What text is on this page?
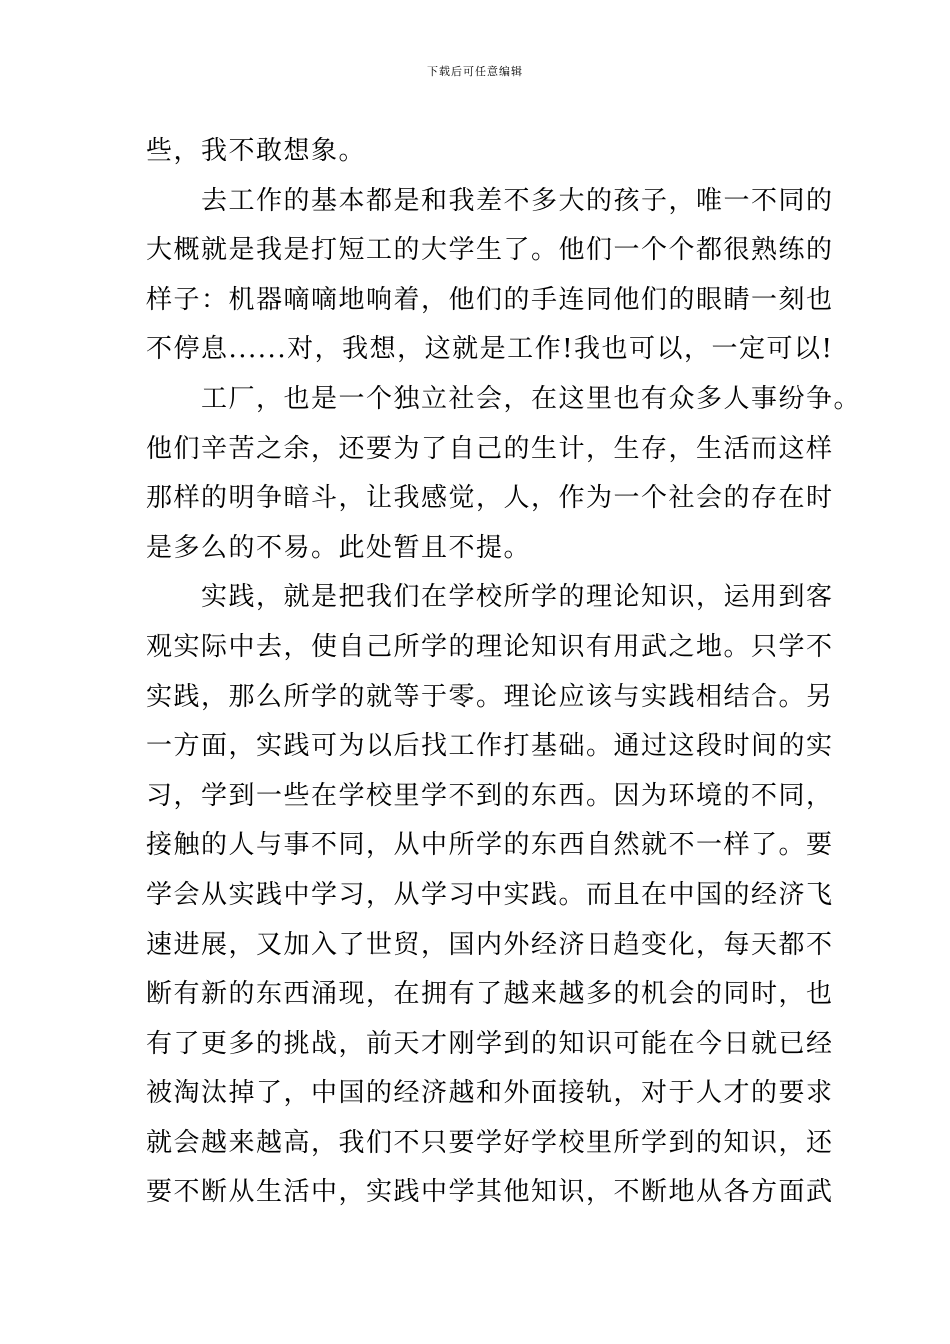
下载后可任意编辑
些，我不敢想象。
去工作的基本都是和我差不多大的孩子，唯一不同的
大概就是我是打短工的大学生了。他们一个个都很熟练的
样子：机器嘀嘀地响着，他们的手连同他们的眼睛一刻也
不停息......对，我想，这就是工作!我也可以，一定可以!
工厂，也是一个独立社会，在这里也有众多人事纷争。
他们辛苦之余，还要为了自己的生计，生存，生活而这样
那样的明争暗斗，让我感觉，人，作为一个社会的存在时
是多么的不易。此处暂且不提。
实践，就是把我们在学校所学的理论知识，运用到客
观实际中去，使自己所学的理论知识有用武之地。只学不
实践，那么所学的就等于零。理论应该与实践相结合。另
一方面，实践可为以后找工作打基础。通过这段时间的实
习，学到一些在学校里学不到的东西。因为环境的不同，
接触的人与事不同，从中所学的东西自然就不一样了。要
学会从实践中学习，从学习中实践。而且在中国的经济飞
速进展，又加入了世贸，国内外经济日趋变化，每天都不
断有新的东西涌现，在拥有了越来越多的机会的同时，也
有了更多的挑战，前天才刚学到的知识可能在今日就已经
被淘汰掉了，中国的经济越和外面接轨，对于人才的要求
就会越来越高，我们不只要学好学校里所学到的知识，还
要不断从生活中，实践中学其他知识，不断地从各方面武
